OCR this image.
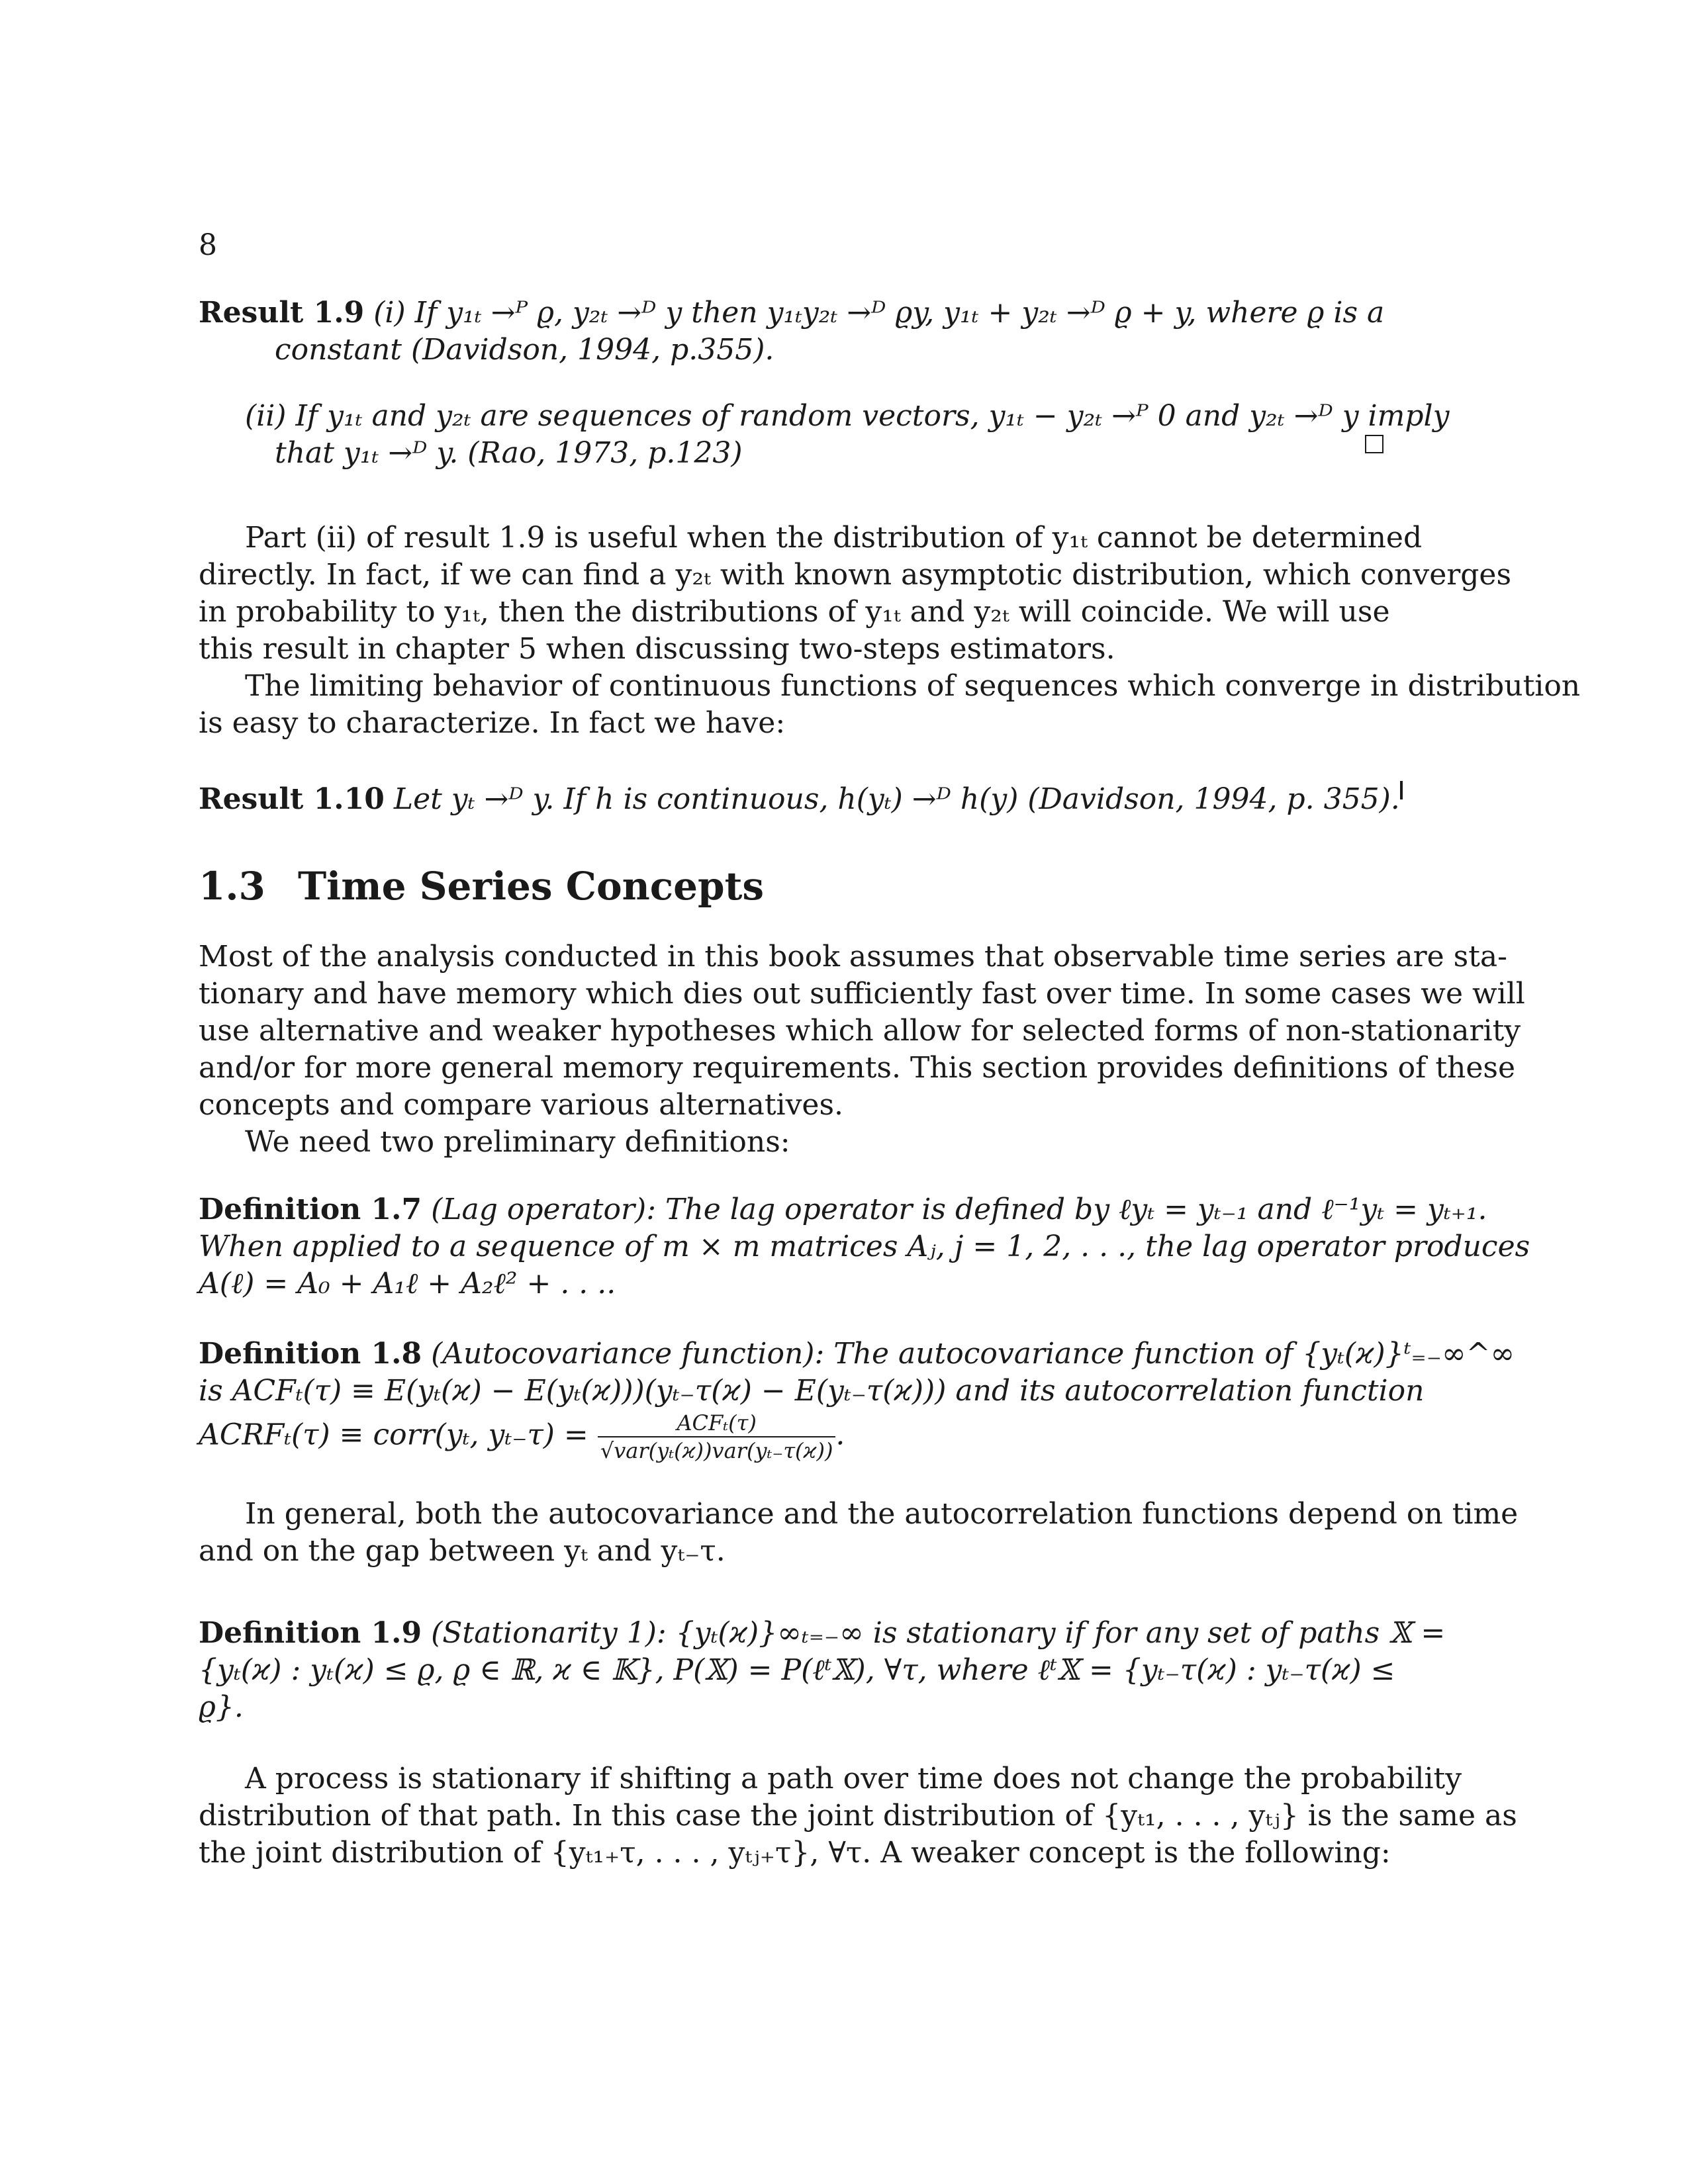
8
Result 1.9 (i) If y₁ₜ →ᴾ ϱ, y₂ₜ →ᴰ y then y₁ₜy₂ₜ →ᴰ ϱy, y₁ₜ + y₂ₜ →ᴰ ϱ + y, where ϱ is a
constant (Davidson, 1994, p.355).
(ii) If y₁ₜ and y₂ₜ are sequences of random vectors, y₁ₜ − y₂ₜ →ᴾ 0 and y₂ₜ →ᴰ y imply
that y₁ₜ →ᴰ y. (Rao, 1973, p.123)
Part (ii) of result 1.9 is useful when the distribution of y₁ₜ cannot be determined
directly. In fact, if we can find a y₂ₜ with known asymptotic distribution, which converges
in probability to y₁ₜ, then the distributions of y₁ₜ and y₂ₜ will coincide. We will use
this result in chapter 5 when discussing two-steps estimators.
The limiting behavior of continuous functions of sequences which converge in distribution
is easy to characterize. In fact we have:
Result 1.10 Let yₜ →ᴰ y. If h is continuous, h(yₜ) →ᴰ h(y) (Davidson, 1994, p. 355).
1.3 Time Series Concepts
Most of the analysis conducted in this book assumes that observable time series are sta-
tionary and have memory which dies out sufficiently fast over time. In some cases we will
use alternative and weaker hypotheses which allow for selected forms of non-stationarity
and/or for more general memory requirements. This section provides definitions of these
concepts and compare various alternatives.
We need two preliminary definitions:
Definition 1.7 (Lag operator): The lag operator is defined by ℓyₜ = yₜ₋₁ and ℓ⁻¹yₜ = yₜ₊₁.
When applied to a sequence of m × m matrices Aⱼ, j = 1, 2, . . ., the lag operator produces
A(ℓ) = A₀ + A₁ℓ + A₂ℓ² + . . ..
Definition 1.8 (Autocovariance function): The autocovariance function of {yₜ(ϰ)}ᵗ₌₋∞^∞
is ACFₜ(τ) ≡ E(yₜ(ϰ) − E(yₜ(ϰ)))(yₜ₋τ(ϰ) − E(yₜ₋τ(ϰ))) and its autocorrelation function
ACRFₜ(τ) ≡ corr(yₜ, $y_{t-}\tau) = \frac{\text{ACFₜ(τ)}}{\text{√var(yₜ(ϰ))var(yₜ₋τ(ϰ))}}$ .
In general, both the autocovariance and the autocorrelation functions depend on time
and on the gap between yₜ and yₜ₋τ.
Definition 1.9 (Stationarity 1): {yₜ(ϰ)}∞ₜ₌₋∞ is stationary if for any set of paths 𝕏 =
{yₜ(ϰ) : yₜ(ϰ) ≤ ϱ, ϱ ∈ ℝ, ϰ ∈ 𝕂}, P(𝕏) = P(ℓᵗ𝕏), ∀τ, where ℓᵗ𝕏 = {yₜ₋τ(ϰ) : yₜ₋τ(ϰ) ≤
ϱ}.
A process is stationary if shifting a path over time does not change the probability
distribution of that path. In this case the joint distribution of {yₜ₁, . . . , yₜⱼ} is the same as
the joint distribution of {yₜ₁₊τ, . . . , yₜⱼ₊τ}, ∀τ. A weaker concept is the following:
